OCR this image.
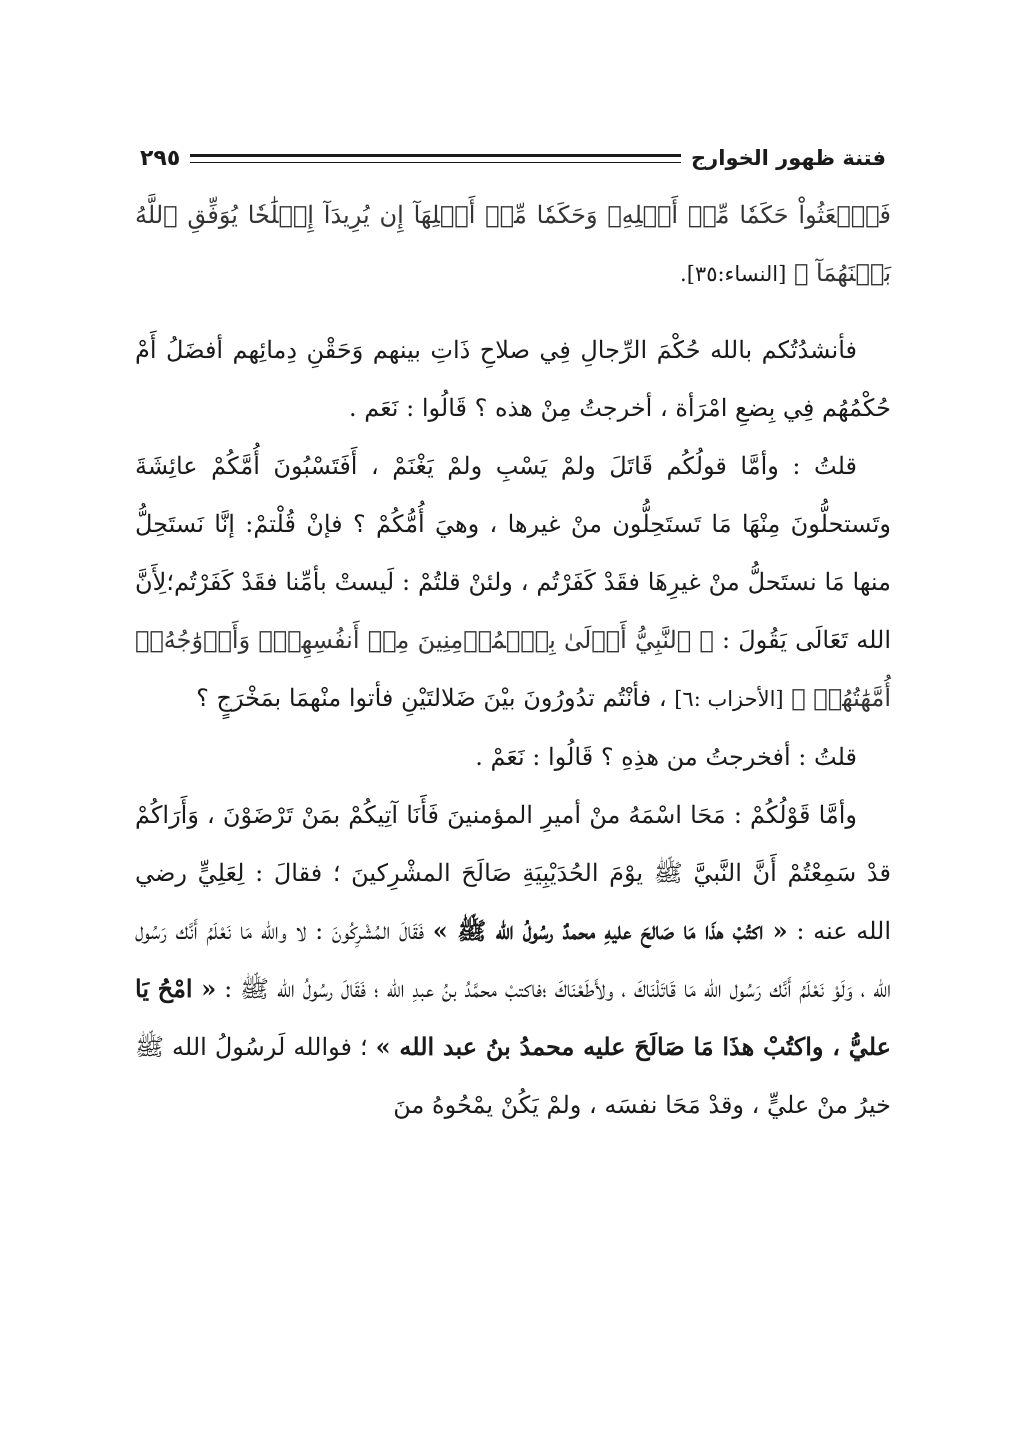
فتنة ظهور الخوارج
٢٩٥

فَٱبۡعَثُواْ حَكَمٗا مِّنۡ أَهۡلِهِۦ وَحَكَمٗا مِّنۡ أَهۡلِهَآ إِن يُرِيدَآ إِصۡلَٰحٗا يُوَفِّقِ ٱللَّهُ بَيۡنَهُمَآ ﴾ [النساء:٣٥].

فأنشدُتُكم بالله حُكْمَ الرِّجالِ فِي صلاحِ ذَاتِ بينهم وَحَقْنِ دِمائِهم أفضَلُ أَمْ حُكْمُهُم فِي بِضعِ امْرَأة ، أخرجتُ مِنْ هذه ؟ قَالُوا : نَعَم .

قلتُ : وأمَّا قولُكُم قَاتَلَ ولمْ يَسْبِ ولمْ يَغْنَمْ ، أَفَتَسْبُونَ أُمَّكُمْ عائِشَةَ وتَستحلُّونَ مِنْهَا مَا تَستَحِلُّون منْ غيرها ، وهيَ أُمُّكُمْ ؟ فإنْ قُلْتمْ: إنَّا نَستَحِلُّ منها مَا نستَحلُّ منْ غيرِهَا فقَدْ كَفَرْتُم ، ولئنْ قلتُمْ : لَيستْ بأمِّنا فقَدْ كَفَرْتُم؛لِأَنَّ الله تَعَالَى يَقُولَ : ﴿ ٱلنَّبِيُّ أَوۡلَىٰ بِٱلۡمُؤۡمِنِينَ مِنۡ أَنفُسِهِمۡۖ وَأَزۡوَٰجُهُۥٓ أُمَّهَٰتُهُمۡ ﴾ [الأحزاب :٦] ، فأنْتُم تدُورُونَ بيْنَ ضَلالتَيْنِ فأتوا منْهمَا بمَخْرَجٍ ؟

قلتُ : أفخرجتُ من هذِهِ ؟ قَالُوا : نَعَمْ .

وأمَّا قَوْلُكُمْ : مَحَا اسْمَهُ منْ أميرِ المؤمنينَ فَأَنَا آتِيكُمْ بمَنْ تَرْضَوْنَ ، وَأَرَاكُمْ قدْ سَمِعْتُمْ أَنَّ النَّبيَّ ﷺ يوْمَ الحُدَيْبِيَةِ صَالَحَ المشْرِكينَ ؛ فقالَ : لِعَلِيٍّ رضي الله عنه : « اكتُبْ هذَا مَا صَالحَ عليهِ محمدٌ رسُولُ الله ﷺ » فَقَالَ المُشْرِكُونَ : لا والله مَا نَعْلَمُ أَنَّك رَسُول الله ، وَلَوْ نَعْلَمُ أَنَّك رَسُول الله مَا قَاتَلْنَاكَ ، ولأَطَعْنَاكَ ؛فاكتبْ محمَّدُ بنُ عبدِ الله ؛ فَقَالَ رسُولُ الله ﷺ : « امْحُ يَا عليُّ ، واكتُبْ هذَا مَا صَالَحَ عليه محمدُ بنُ عبد الله » ؛ فوالله لَرسُولُ الله ﷺ خيرُ منْ عليٍّ ، وقدْ مَحَا نفسَه ، ولمْ يَكُنْ يمْحُوهُ منَ
